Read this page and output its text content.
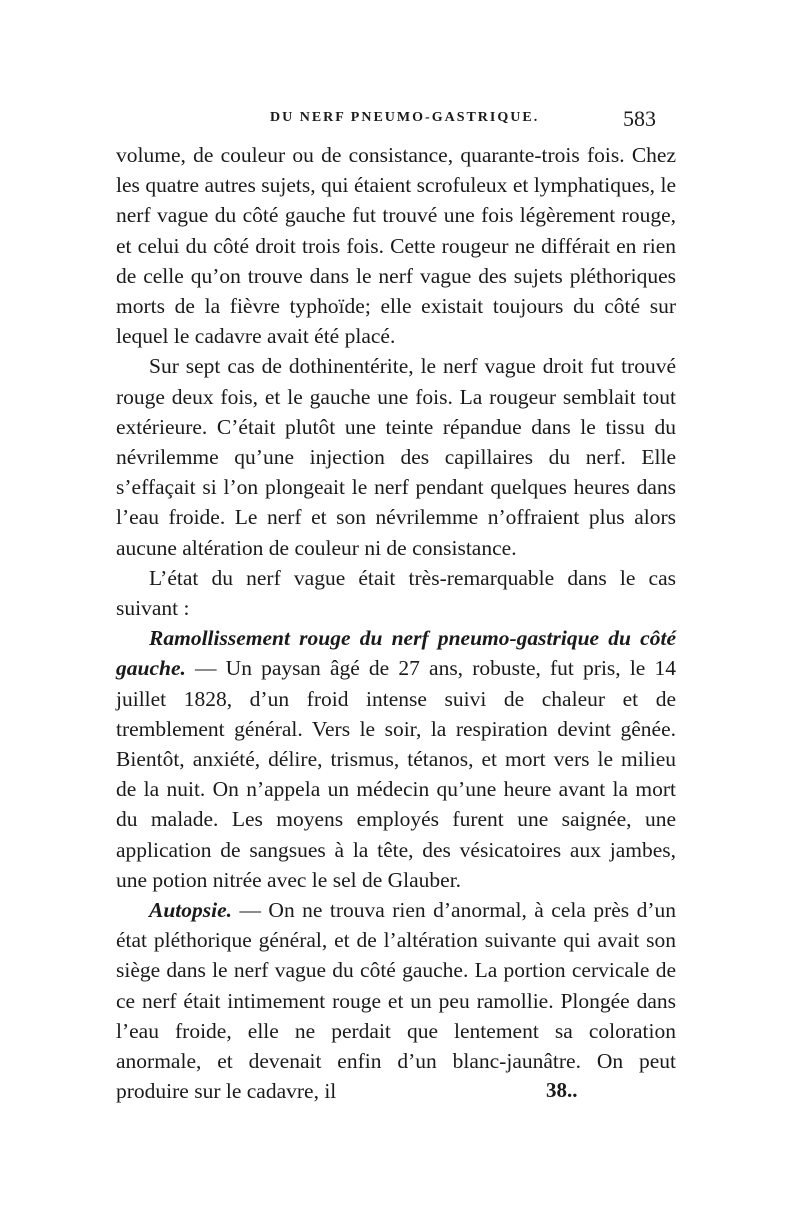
DU NERF PNEUMO-GASTRIQUE.	583

volume, de couleur ou de consistance, quarante-trois fois. Chez les quatre autres sujets, qui étaient scrofuleux et lymphatiques, le nerf vague du côté gauche fut trouvé une fois légèrement rouge, et celui du côté droit trois fois. Cette rougeur ne différait en rien de celle qu’on trouve dans le nerf vague des sujets pléthoriques morts de la fièvre typhoïde; elle existait toujours du côté sur lequel le cadavre avait été placé.

Sur sept cas de dothinentérite, le nerf vague droit fut trouvé rouge deux fois, et le gauche une fois. La rougeur semblait tout extérieure. C’était plutôt une teinte répandue dans le tissu du névrilemme qu’une injection des capillaires du nerf. Elle s’effaçait si l’on plongeait le nerf pendant quelques heures dans l’eau froide. Le nerf et son névrilemme n’offraient plus alors aucune altération de couleur ni de consistance.

L’état du nerf vague était très-remarquable dans le cas suivant :

Ramollissement rouge du nerf pneumo-gastrique du côté gauche. — Un paysan âgé de 27 ans, robuste, fut pris, le 14 juillet 1828, d’un froid intense suivi de chaleur et de tremblement général. Vers le soir, la respiration devint gênée. Bientôt, anxiété, délire, trismus, tétanos, et mort vers le milieu de la nuit. On n’appela un médecin qu’une heure avant la mort du malade. Les moyens employés furent une saignée, une application de sangsues à la tête, des vésicatoires aux jambes, une potion nitrée avec le sel de Glauber.

Autopsie. — On ne trouva rien d’anormal, à cela près d’un état pléthorique général, et de l’altération suivante qui avait son siège dans le nerf vague du côté gauche. La portion cervicale de ce nerf était intimement rouge et un peu ramollie. Plongée dans l’eau froide, elle ne perdait que lentement sa coloration anormale, et devenait enfin d’un blanc-jaunâtre. On peut produire sur le cadavre, il	38..
